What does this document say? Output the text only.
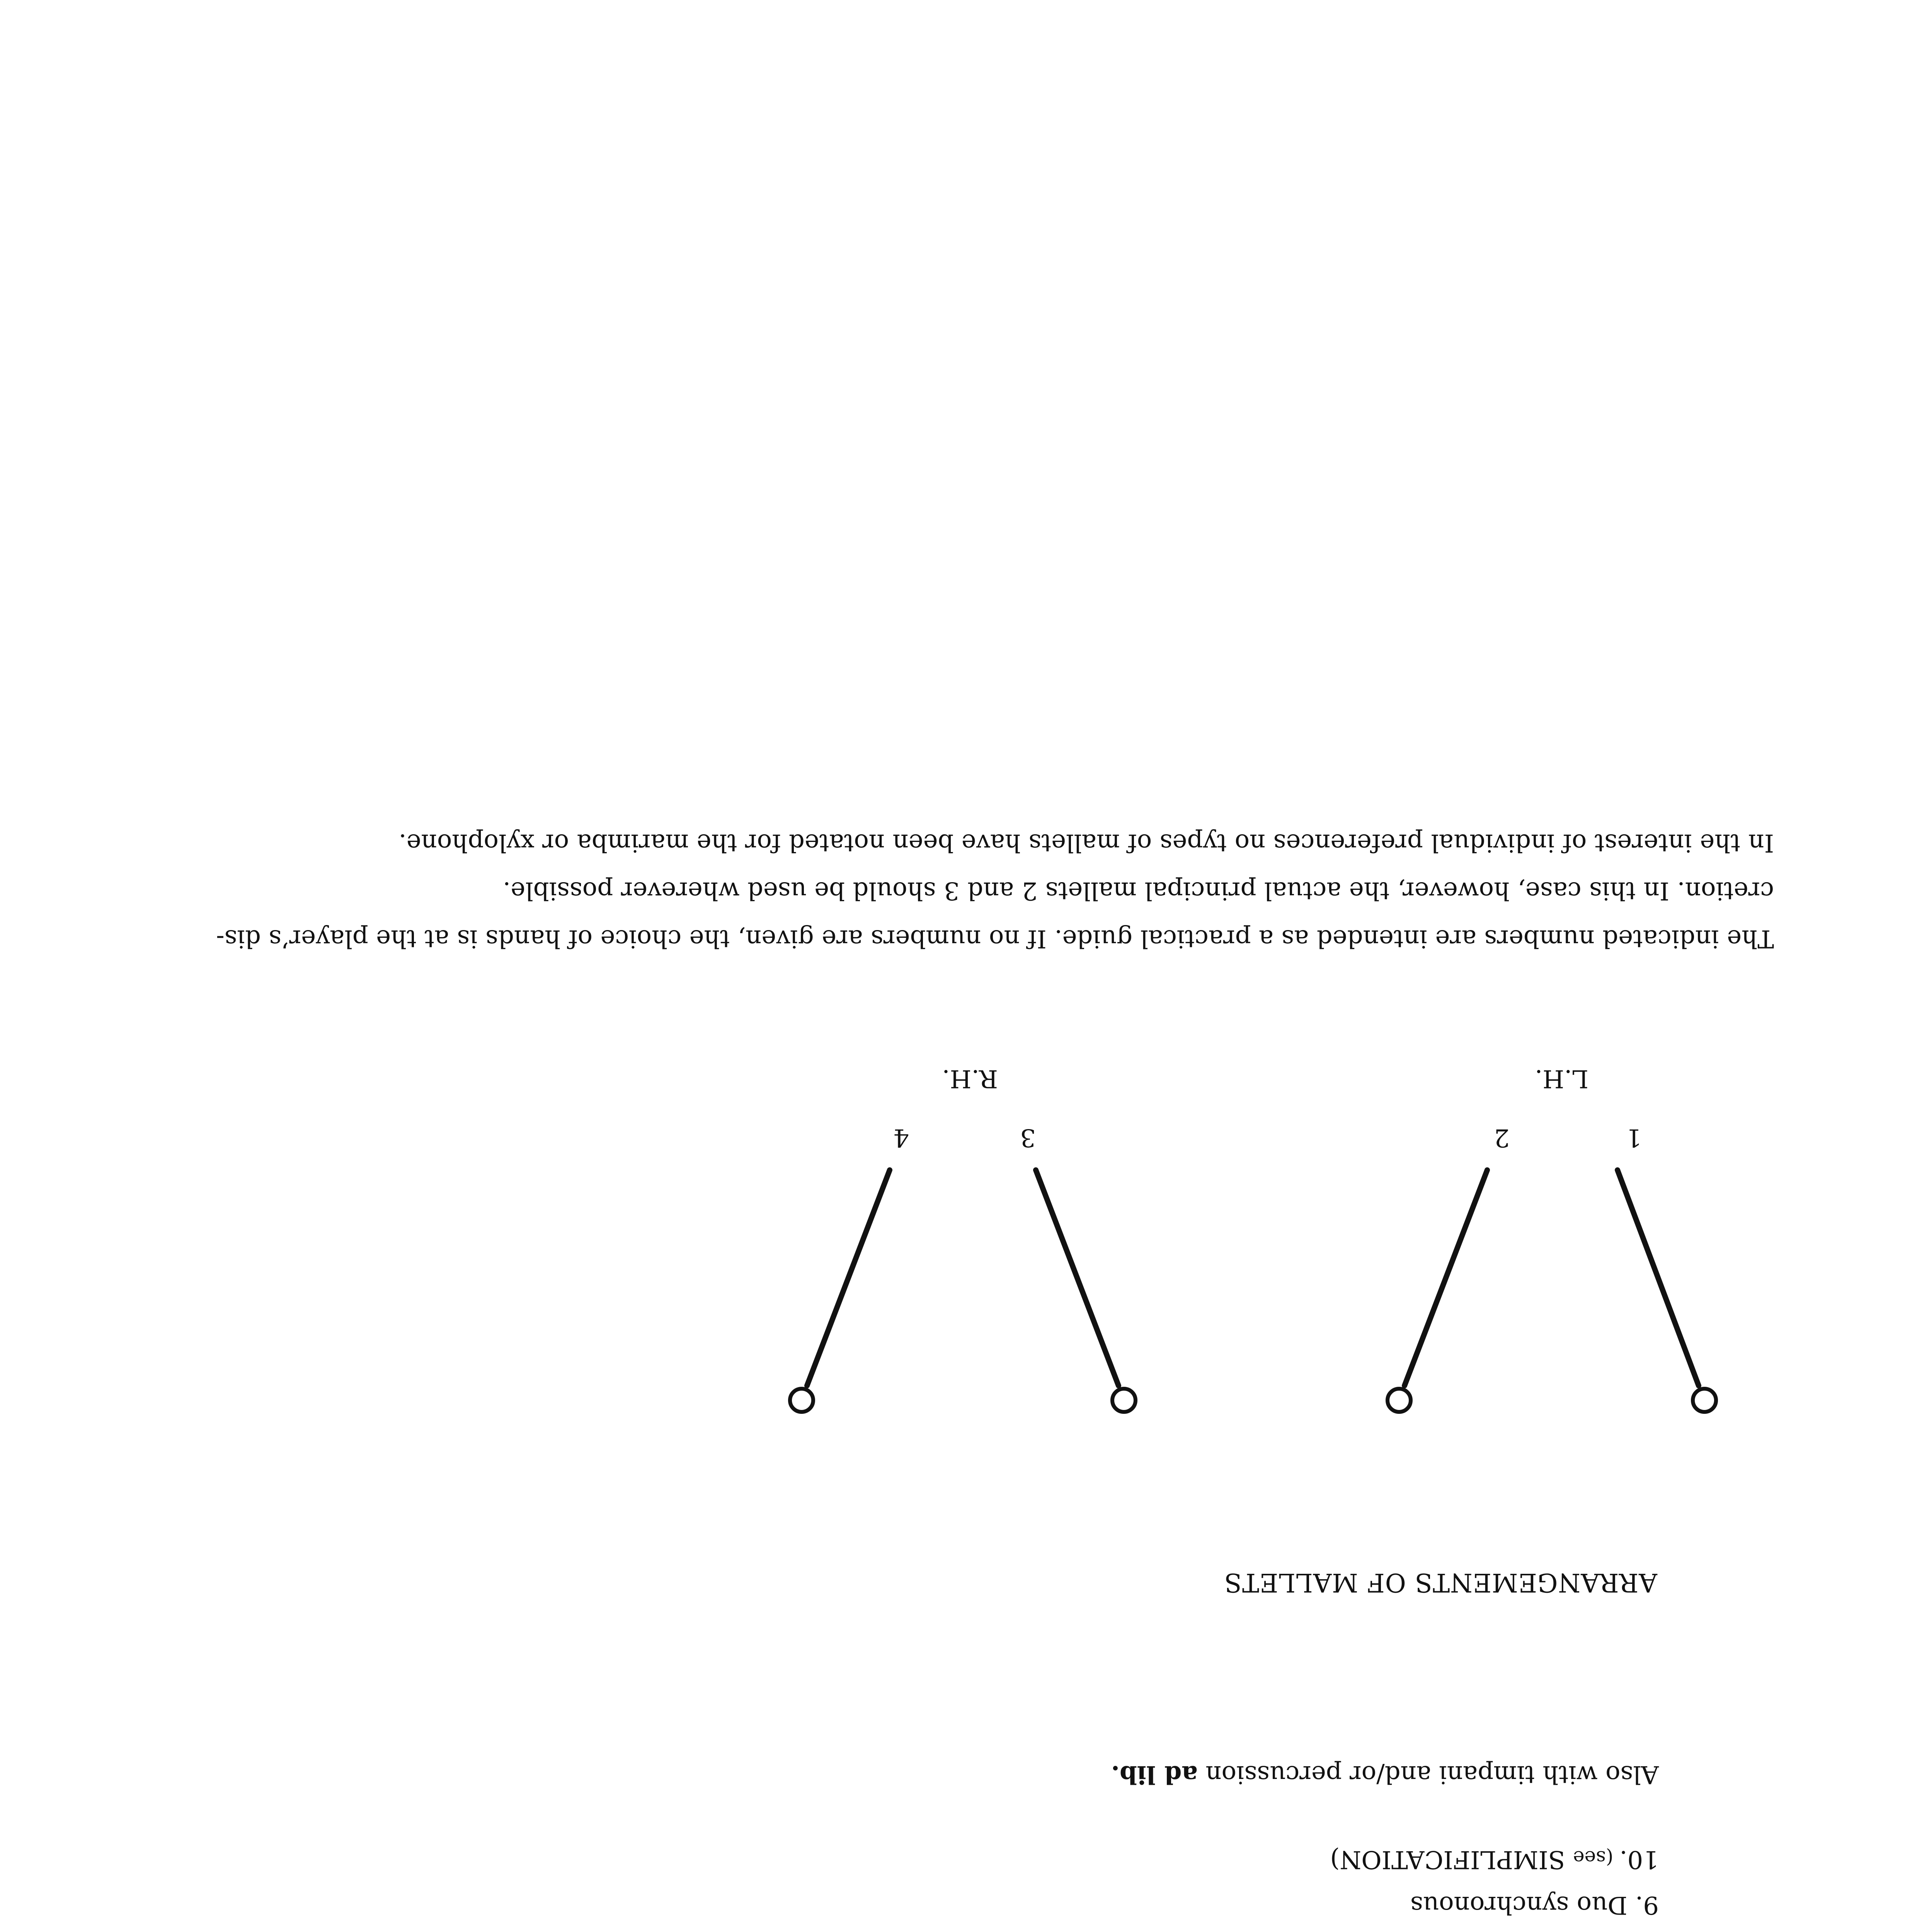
9. Duo synchronous
10. (see SIMPLIFICATION)
Also with timpani and/or percussion ad lib.
ARRANGEMENTS OF MALLETS
1
2
3
4
L.H.
R.H.
The indicated numbers are intended as a practical guide. If no numbers are given, the choice of hands is at the player’s dis-
cretion. In this case, however, the actual principal mallets 2 and 3 should be used wherever possible.
In the interest of individual preferences no types of mallets have been notated for the marimba or xylophone.
